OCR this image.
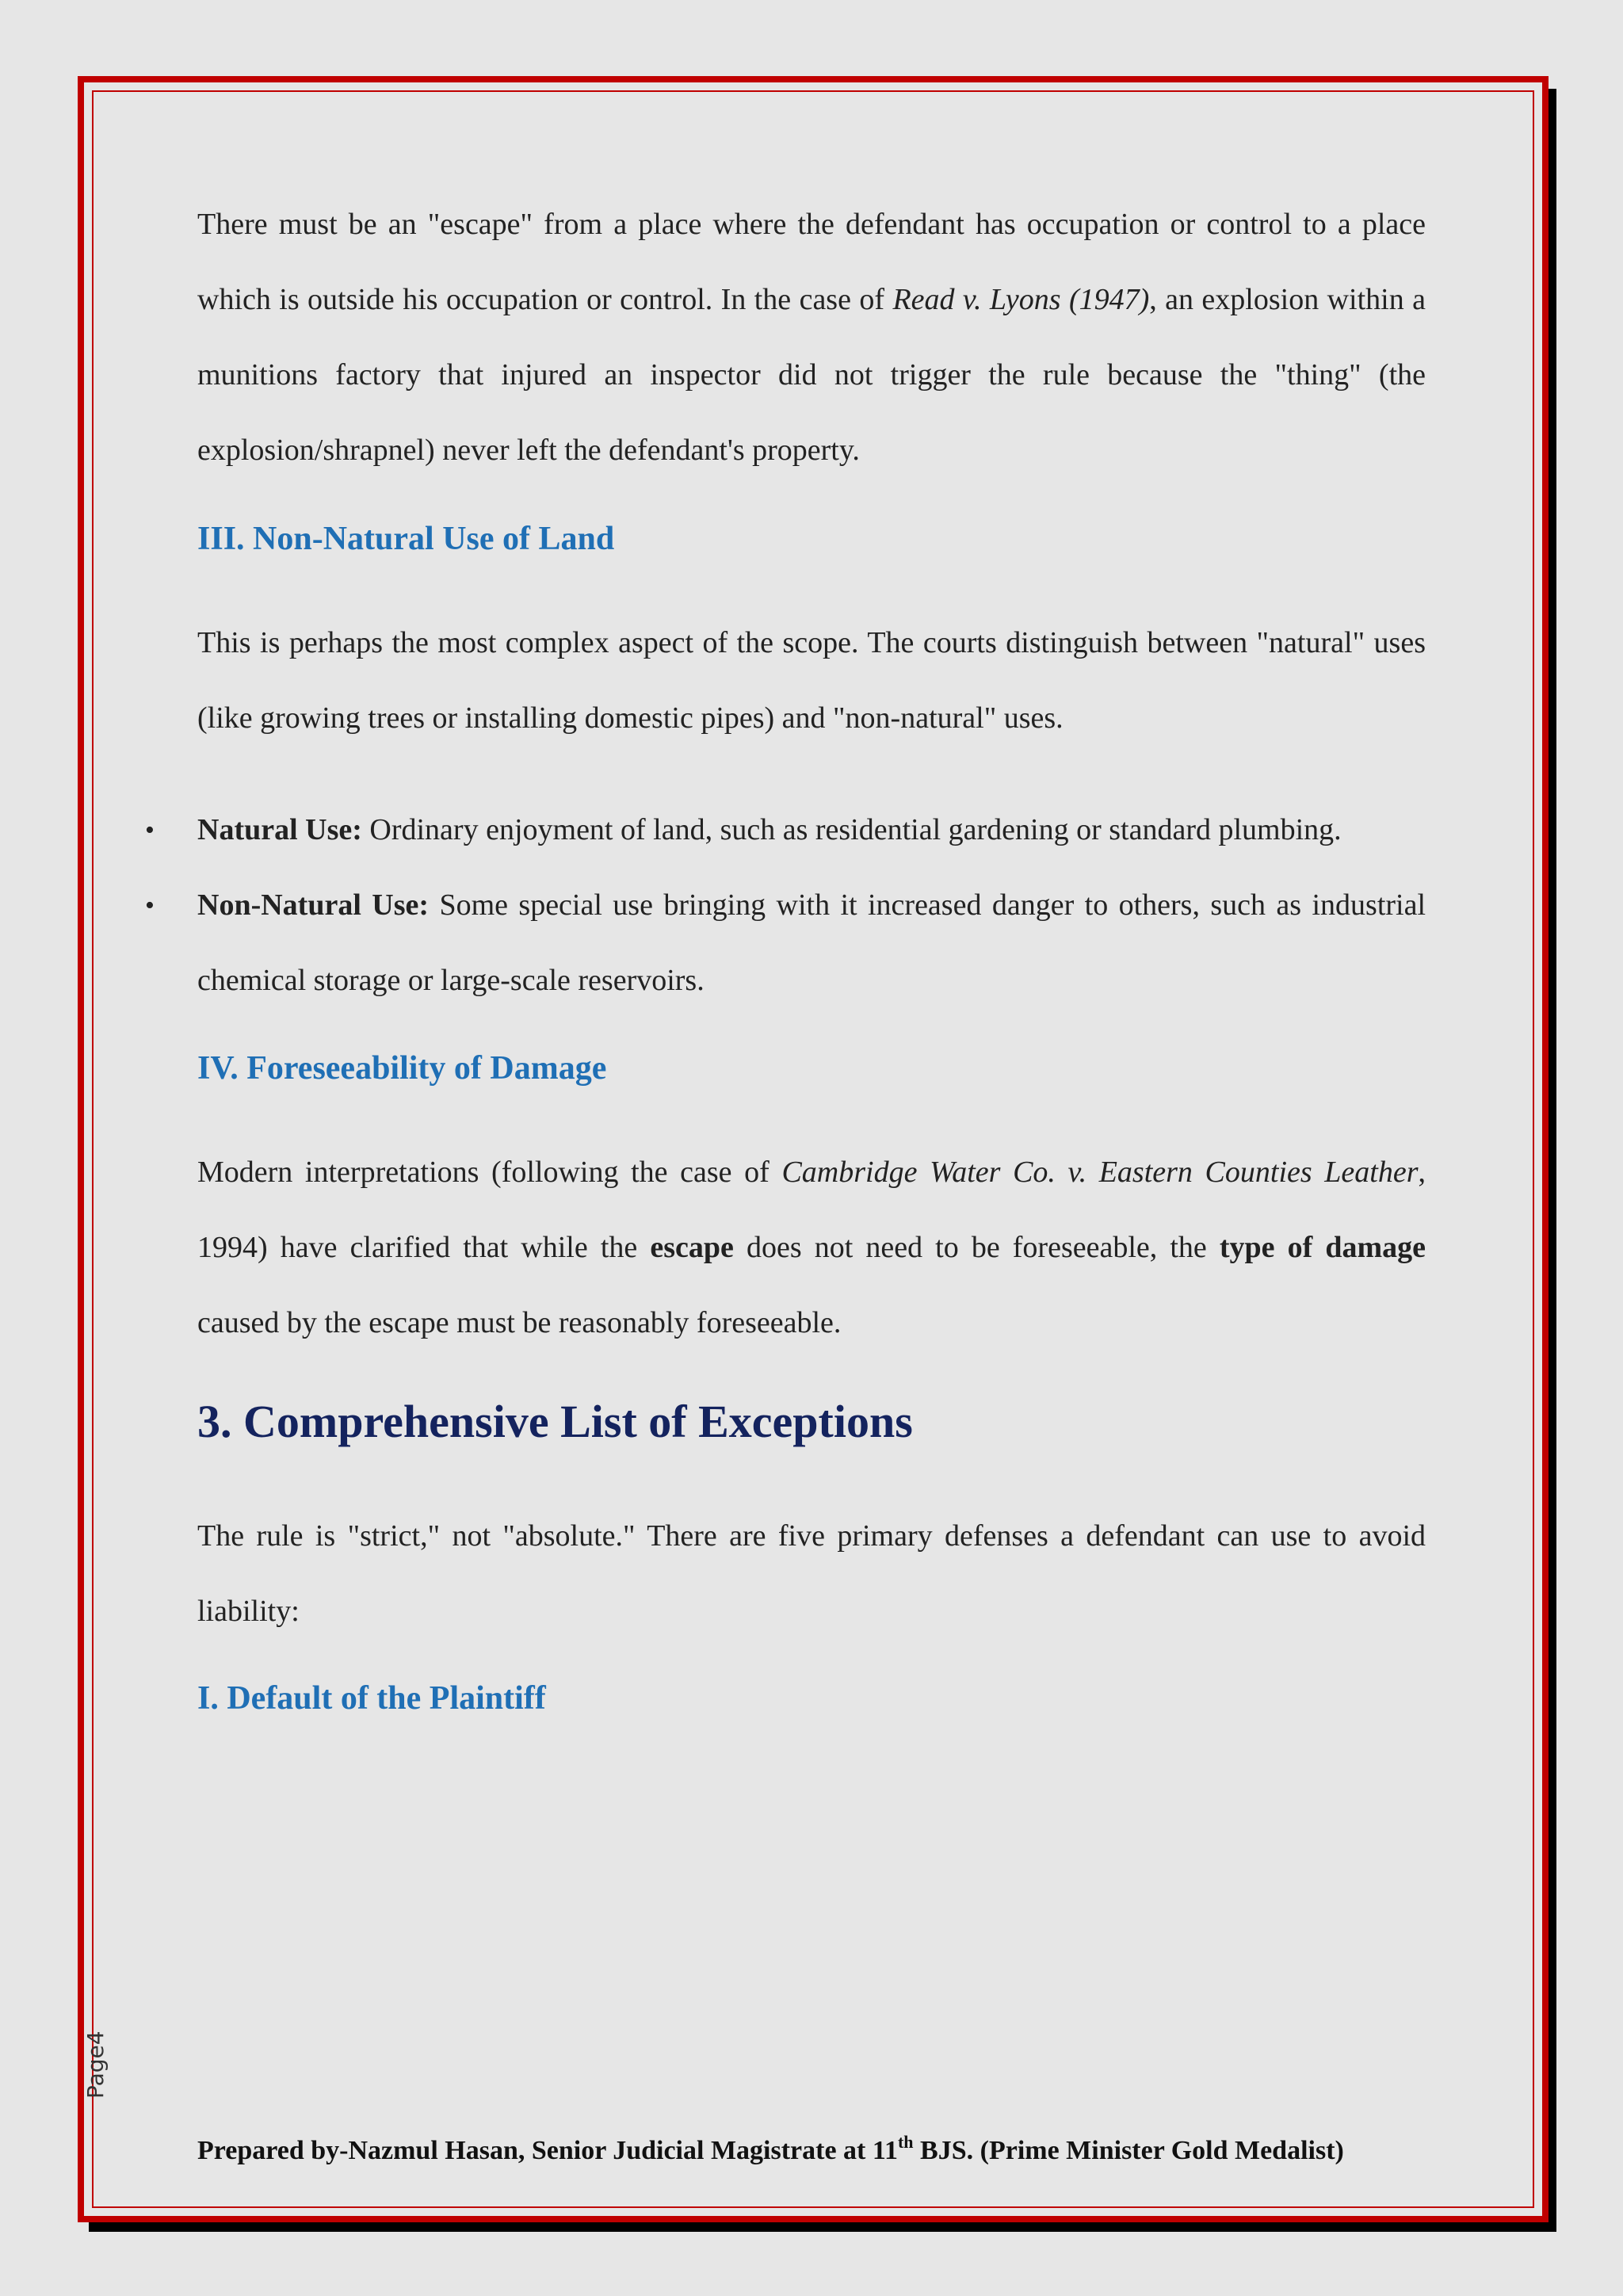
There must be an "escape" from a place where the defendant has occupation or control to a place which is outside his occupation or control. In the case of Read v. Lyons (1947), an explosion within a munitions factory that injured an inspector did not trigger the rule because the "thing" (the explosion/shrapnel) never left the defendant's property.

III. Non-Natural Use of Land

This is perhaps the most complex aspect of the scope. The courts distinguish between "natural" uses (like growing trees or installing domestic pipes) and "non-natural" uses.

• Natural Use: Ordinary enjoyment of land, such as residential gardening or standard plumbing.
• Non-Natural Use: Some special use bringing with it increased danger to others, such as industrial chemical storage or large-scale reservoirs.
IV. Foreseeability of Damage

Modern interpretations (following the case of Cambridge Water Co. v. Eastern Counties Leather, 1994) have clarified that while the escape does not need to be foreseeable, the type of damage caused by the escape must be reasonably foreseeable.

3. Comprehensive List of Exceptions

The rule is "strict," not "absolute." There are five primary defenses a defendant can use to avoid liability:

I. Default of the Plaintiff
Page4
Prepared by-Nazmul Hasan, Senior Judicial Magistrate at 11th BJS. (Prime Minister Gold Medalist)
